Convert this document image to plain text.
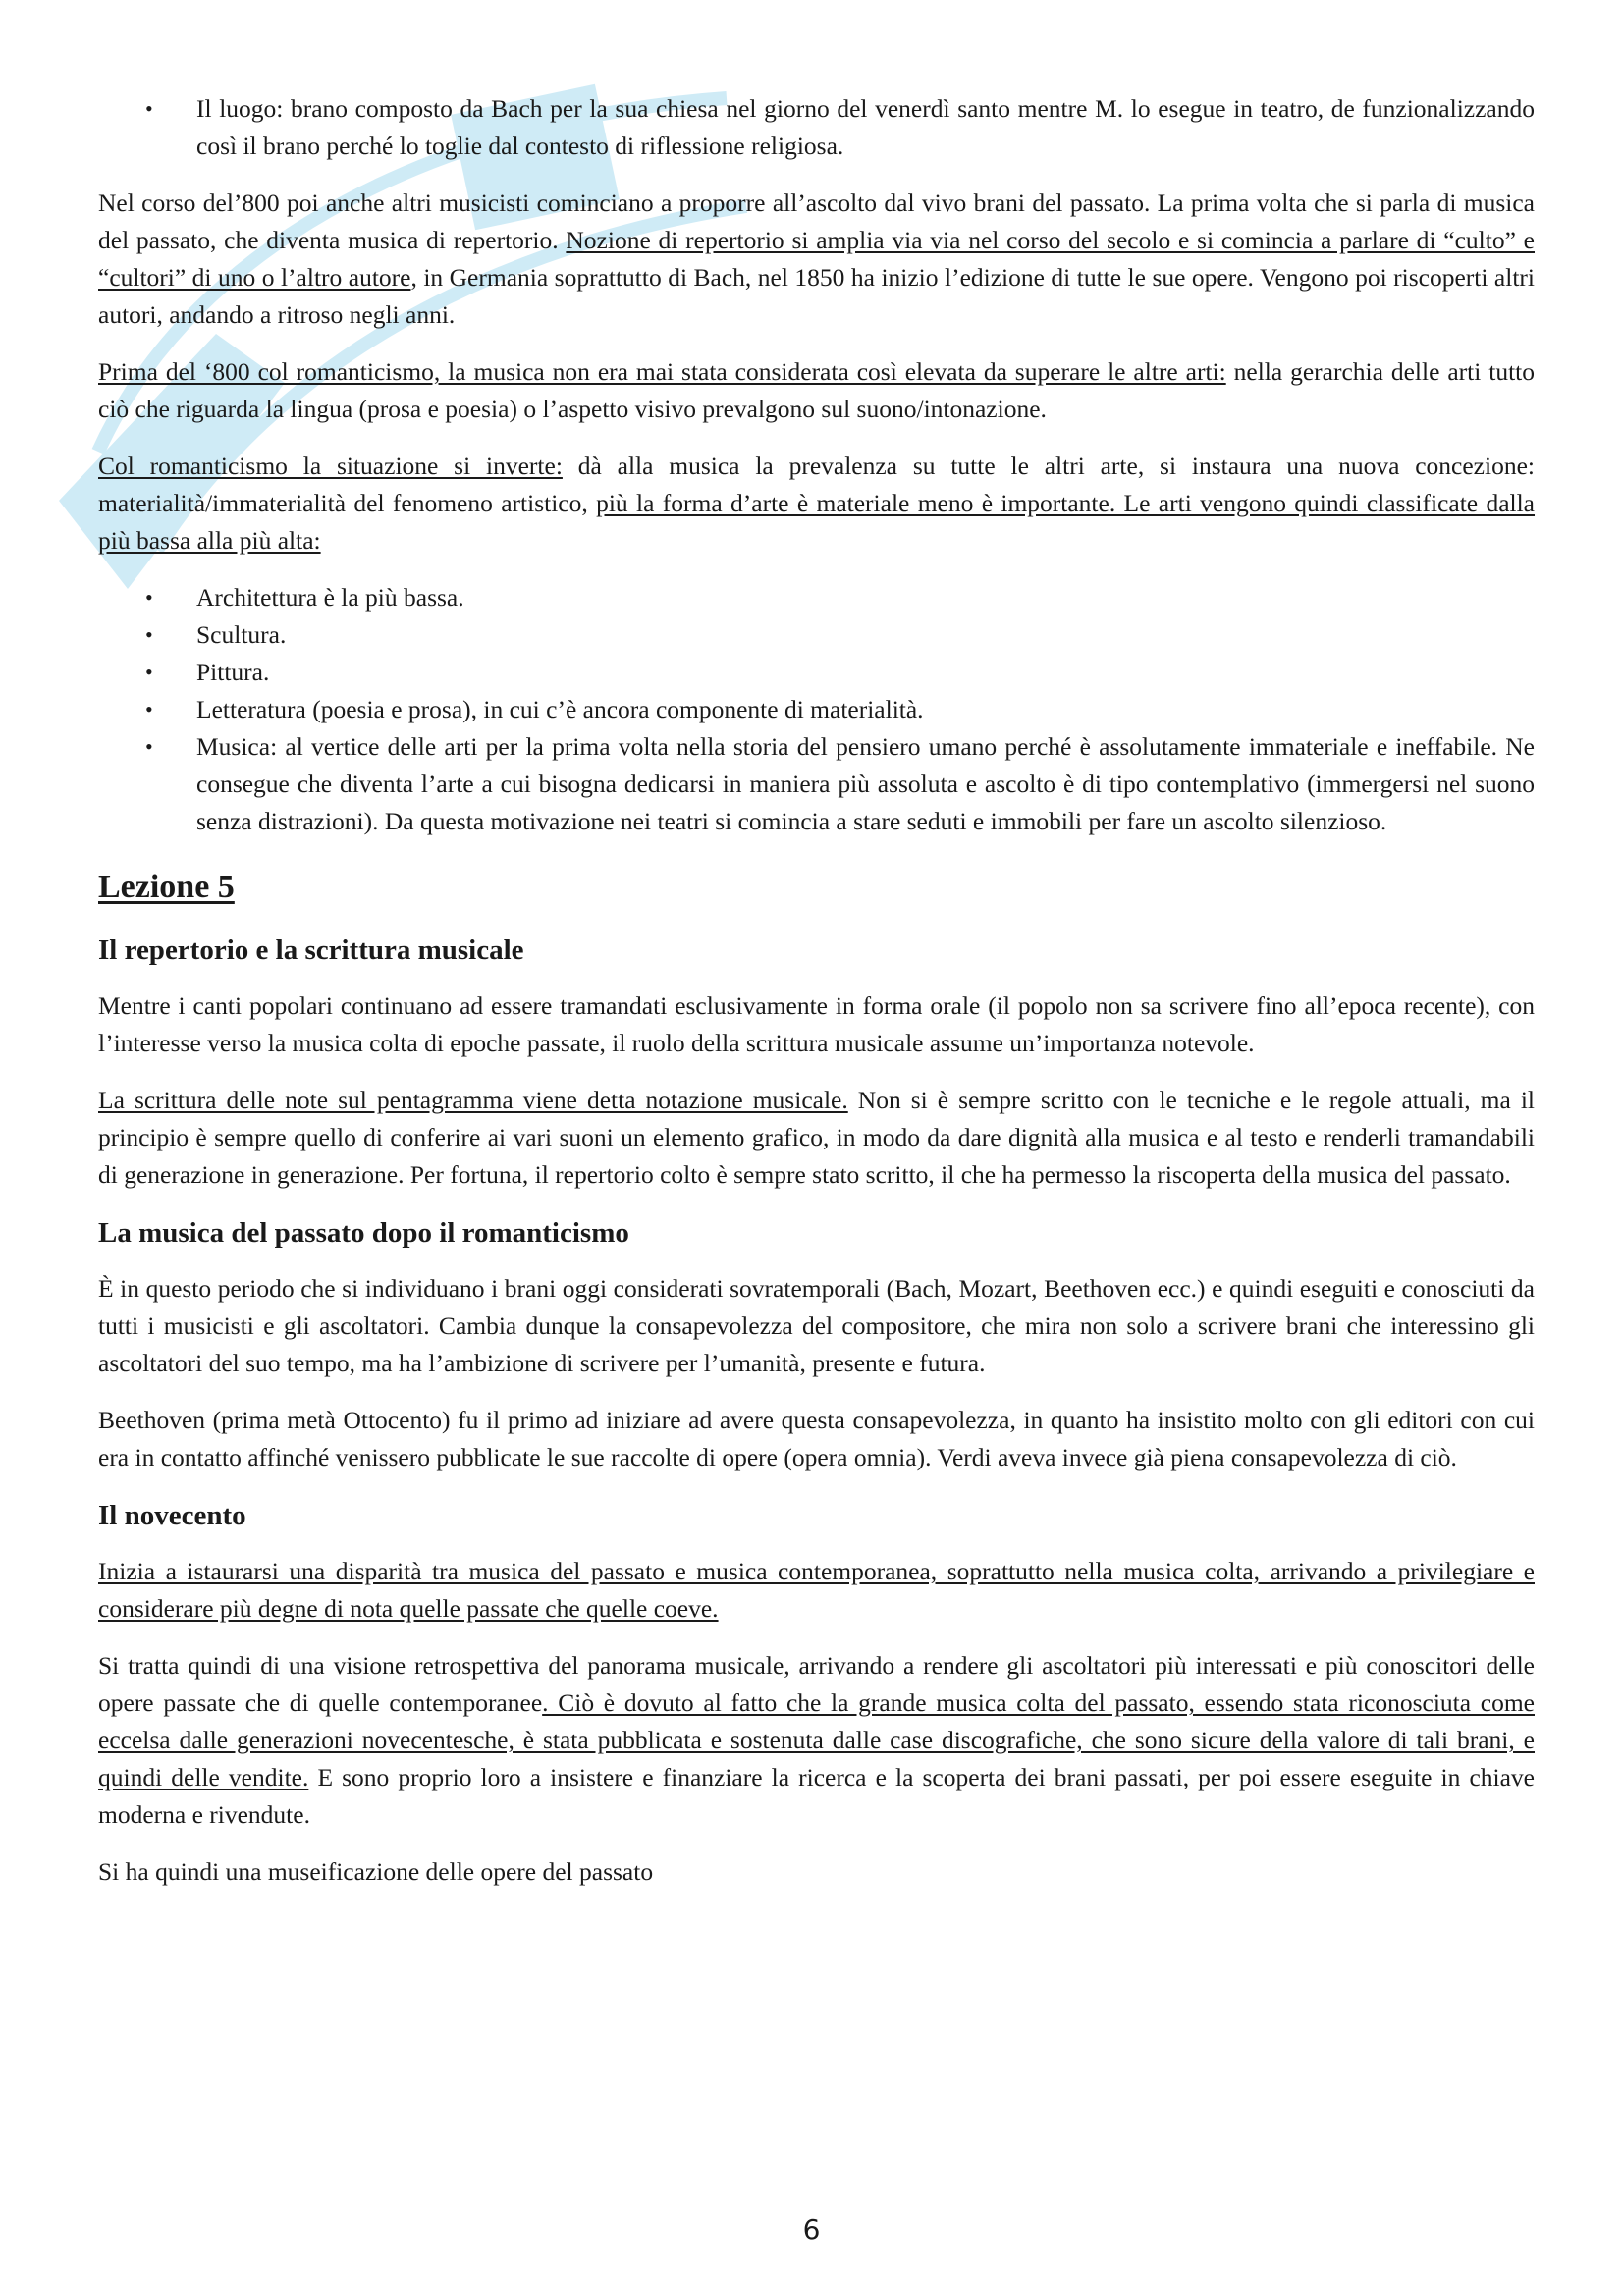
• Il luogo: brano composto da Bach per la sua chiesa nel giorno del venerdì santo mentre M. lo esegue in teatro, de funzionalizzando così il brano perché lo toglie dal contesto di riflessione religiosa.

Nel corso del’800 poi anche altri musicisti cominciano a proporre all’ascolto dal vivo brani del passato. La prima volta che si parla di musica del passato, che diventa musica di repertorio. Nozione di repertorio si amplia via via nel corso del secolo e si comincia a parlare di “culto” e “cultori” di uno o l’altro autore, in Germania soprattutto di Bach, nel 1850 ha inizio l’edizione di tutte le sue opere. Vengono poi riscoperti altri autori, andando a ritroso negli anni.

Prima del ‘800 col romanticismo, la musica non era mai stata considerata così elevata da superare le altre arti: nella gerarchia delle arti tutto ciò che riguarda la lingua (prosa e poesia) o l’aspetto visivo prevalgono sul suono/intonazione.

Col romanticismo la situazione si inverte: dà alla musica la prevalenza su tutte le altri arte, si instaura una nuova concezione: materialità/immaterialità del fenomeno artistico, più la forma d’arte è materiale meno è importante. Le arti vengono quindi classificate dalla più bassa alla più alta:

• Architettura è la più bassa.
• Scultura.
• Pittura.
• Letteratura (poesia e prosa), in cui c’è ancora componente di materialità.
• Musica: al vertice delle arti per la prima volta nella storia del pensiero umano perché è assolutamente immateriale e ineffabile. Ne consegue che diventa l’arte a cui bisogna dedicarsi in maniera più assoluta e ascolto è di tipo contemplativo (immergersi nel suono senza distrazioni). Da questa motivazione nei teatri si comincia a stare seduti e immobili per fare un ascolto silenzioso.
Lezione 5
Il repertorio e la scrittura musicale

Mentre i canti popolari continuano ad essere tramandati esclusivamente in forma orale (il popolo non sa scrivere fino all’epoca recente), con l’interesse verso la musica colta di epoche passate, il ruolo della scrittura musicale assume un’importanza notevole.

La scrittura delle note sul pentagramma viene detta notazione musicale. Non si è sempre scritto con le tecniche e le regole attuali, ma il principio è sempre quello di conferire ai vari suoni un elemento grafico, in modo da dare dignità alla musica e al testo e renderli tramandabili di generazione in generazione. Per fortuna, il repertorio colto è sempre stato scritto, il che ha permesso la riscoperta della musica del passato.

La musica del passato dopo il romanticismo

È in questo periodo che si individuano i brani oggi considerati sovratemporali (Bach, Mozart, Beethoven ecc.) e quindi eseguiti e conosciuti da tutti i musicisti e gli ascoltatori. Cambia dunque la consapevolezza del compositore, che mira non solo a scrivere brani che interessino gli ascoltatori del suo tempo, ma ha l’ambizione di scrivere per l’umanità, presente e futura.

Beethoven (prima metà Ottocento) fu il primo ad iniziare ad avere questa consapevolezza, in quanto ha insistito molto con gli editori con cui era in contatto affinché venissero pubblicate le sue raccolte di opere (opera omnia). Verdi aveva invece già piena consapevolezza di ciò.

Il novecento

Inizia a istaurarsi una disparità tra musica del passato e musica contemporanea, soprattutto nella musica colta, arrivando a privilegiare e considerare più degne di nota quelle passate che quelle coeve.

Si tratta quindi di una visione retrospettiva del panorama musicale, arrivando a rendere gli ascoltatori più interessati e più conoscitori delle opere passate che di quelle contemporanee. Ciò è dovuto al fatto che la grande musica colta del passato, essendo stata riconosciuta come eccelsa dalle generazioni novecentesche, è stata pubblicata e sostenuta dalle case discografiche, che sono sicure della valore di tali brani, e quindi delle vendite. E sono proprio loro a insistere e finanziare la ricerca e la scoperta dei brani passati, per poi essere eseguite in chiave moderna e rivendute.

Si ha quindi una museificazione delle opere del passato

6
